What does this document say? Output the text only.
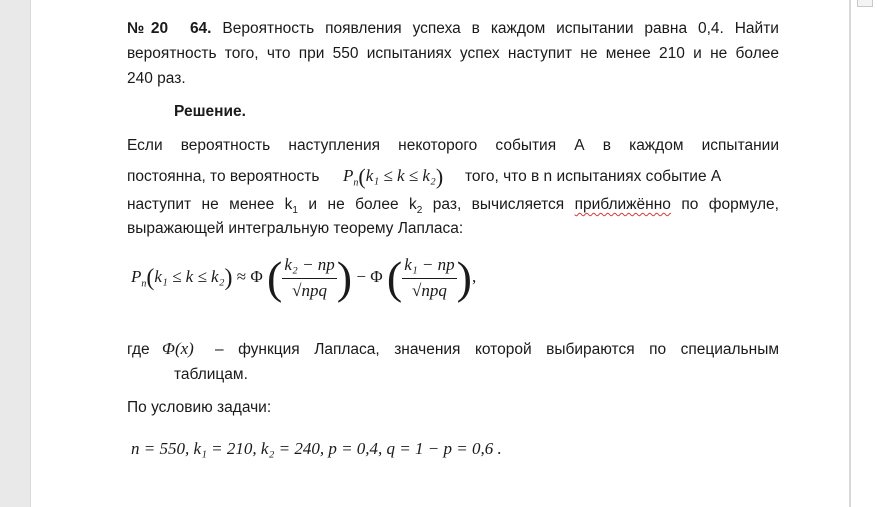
№20 64. Вероятность появления успеха в каждом испытании равна 0,4. Найти
вероятность того, что при 550 испытаниях успех наступит не менее 210 и не более
240 раз.
Решение.
Если вероятность наступления некоторого события А в каждом испытании
постоянна, то вероятность $P_n(k_1 \le k \le k_2)$ того, что в n испытаниях событие А
наступит не менее $k_1$ и не более $k_2$ раз, вычисляется приближённо по формуле,
выражающей интегральную теорему Лапласа:
$P_n(k_1 \le k \le k_2) \approx \Phi$ ( $\frac{\text{k₂ − np}}{\text{√npq}}$ ) − Φ ( $\frac{\text{k₁ − np}}{\text{√npq}}$ ),
где Φ(x) – функция Лапласа, значения которой выбираются по специальным
таблицам.
По условию задачи:
n = 550, k₁ = 210, k₂ = 240, p = 0,4, q = 1 − p = 0,6 .
